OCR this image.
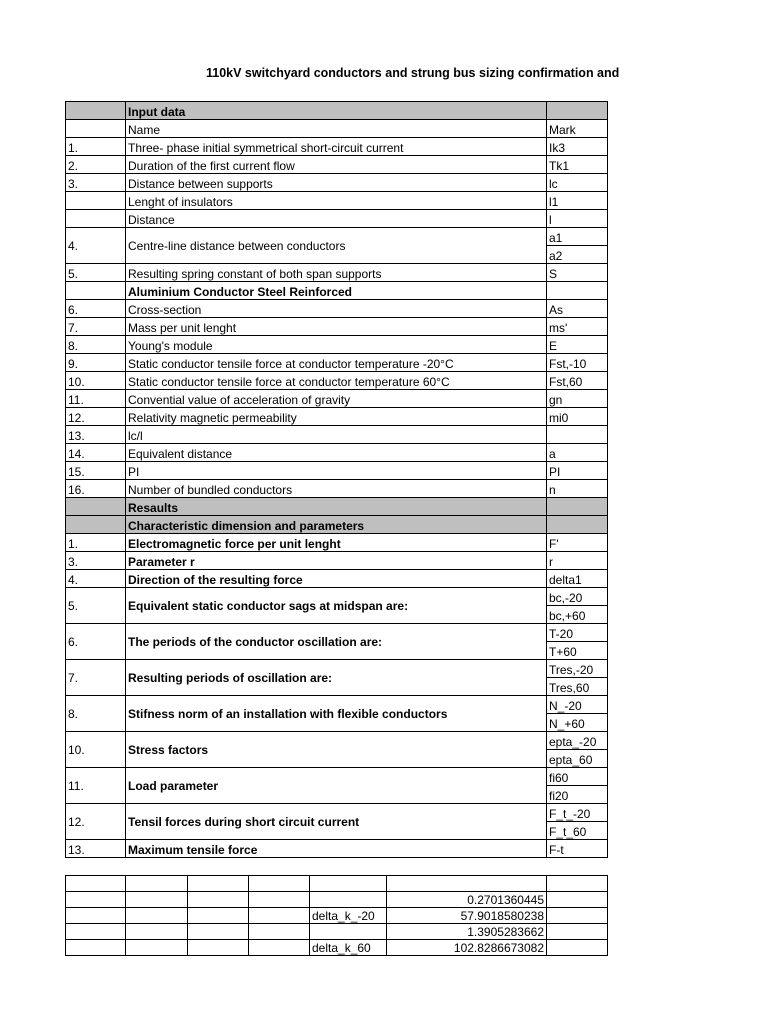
110kV switchyard conductors and strung bus sizing confirmation and
	Input data	
	Name	Mark
1.	Three- phase initial symmetrical short-circuit current	Ik3
2.	Duration of the first current flow	Tk1
3.	Distance between supports	lc
	Lenght of insulators	l1
	Distance	l
4.	Centre-line distance between conductors	a1
		a2
5.	Resulting spring constant of both span supports	S
	Aluminium Conductor Steel Reinforced	
6.	Cross-section	As
7.	Mass per unit lenght	ms'
8.	Young's module	E
9.	Static conductor tensile force at conductor temperature -20°C	Fst,-10
10.	Static conductor tensile force at conductor temperature 60°C	Fst,60
11.	Convential value of acceleration of gravity	gn
12.	Relativity magnetic permeability	mi0
13.	lc/l	
14.	Equivalent distance	a
15.	PI	PI
16.	Number of bundled conductors	n
	Resaults	
	Characteristic dimension and parameters	
1.	Electromagnetic force per unit lenght	F'
3.	Parameter r	r
4.	Direction of the resulting force	delta1
5.	Equivalent static conductor sags at midspan are:	bc,-20
		bc,+60
6.	The periods of the conductor oscillation are:	T-20
		T+60
7.	Resulting periods of oscillation are:	Tres,-20
		Tres,60
8.	Stifness norm of an installation with flexible conductors	N_-20
		N_+60
10.	Stress factors	epta_-20
		epta_60
11.	Load parameter	fi60
		fi20
12.	Tensil forces during short circuit current	F_t_-20
		F_t_60
13.	Maximum tensile force	F-t

					0.2701360445	
				delta_k_-20	57.9018580238	
					1.3905283662	
				delta_k_60	102.8286673082	
